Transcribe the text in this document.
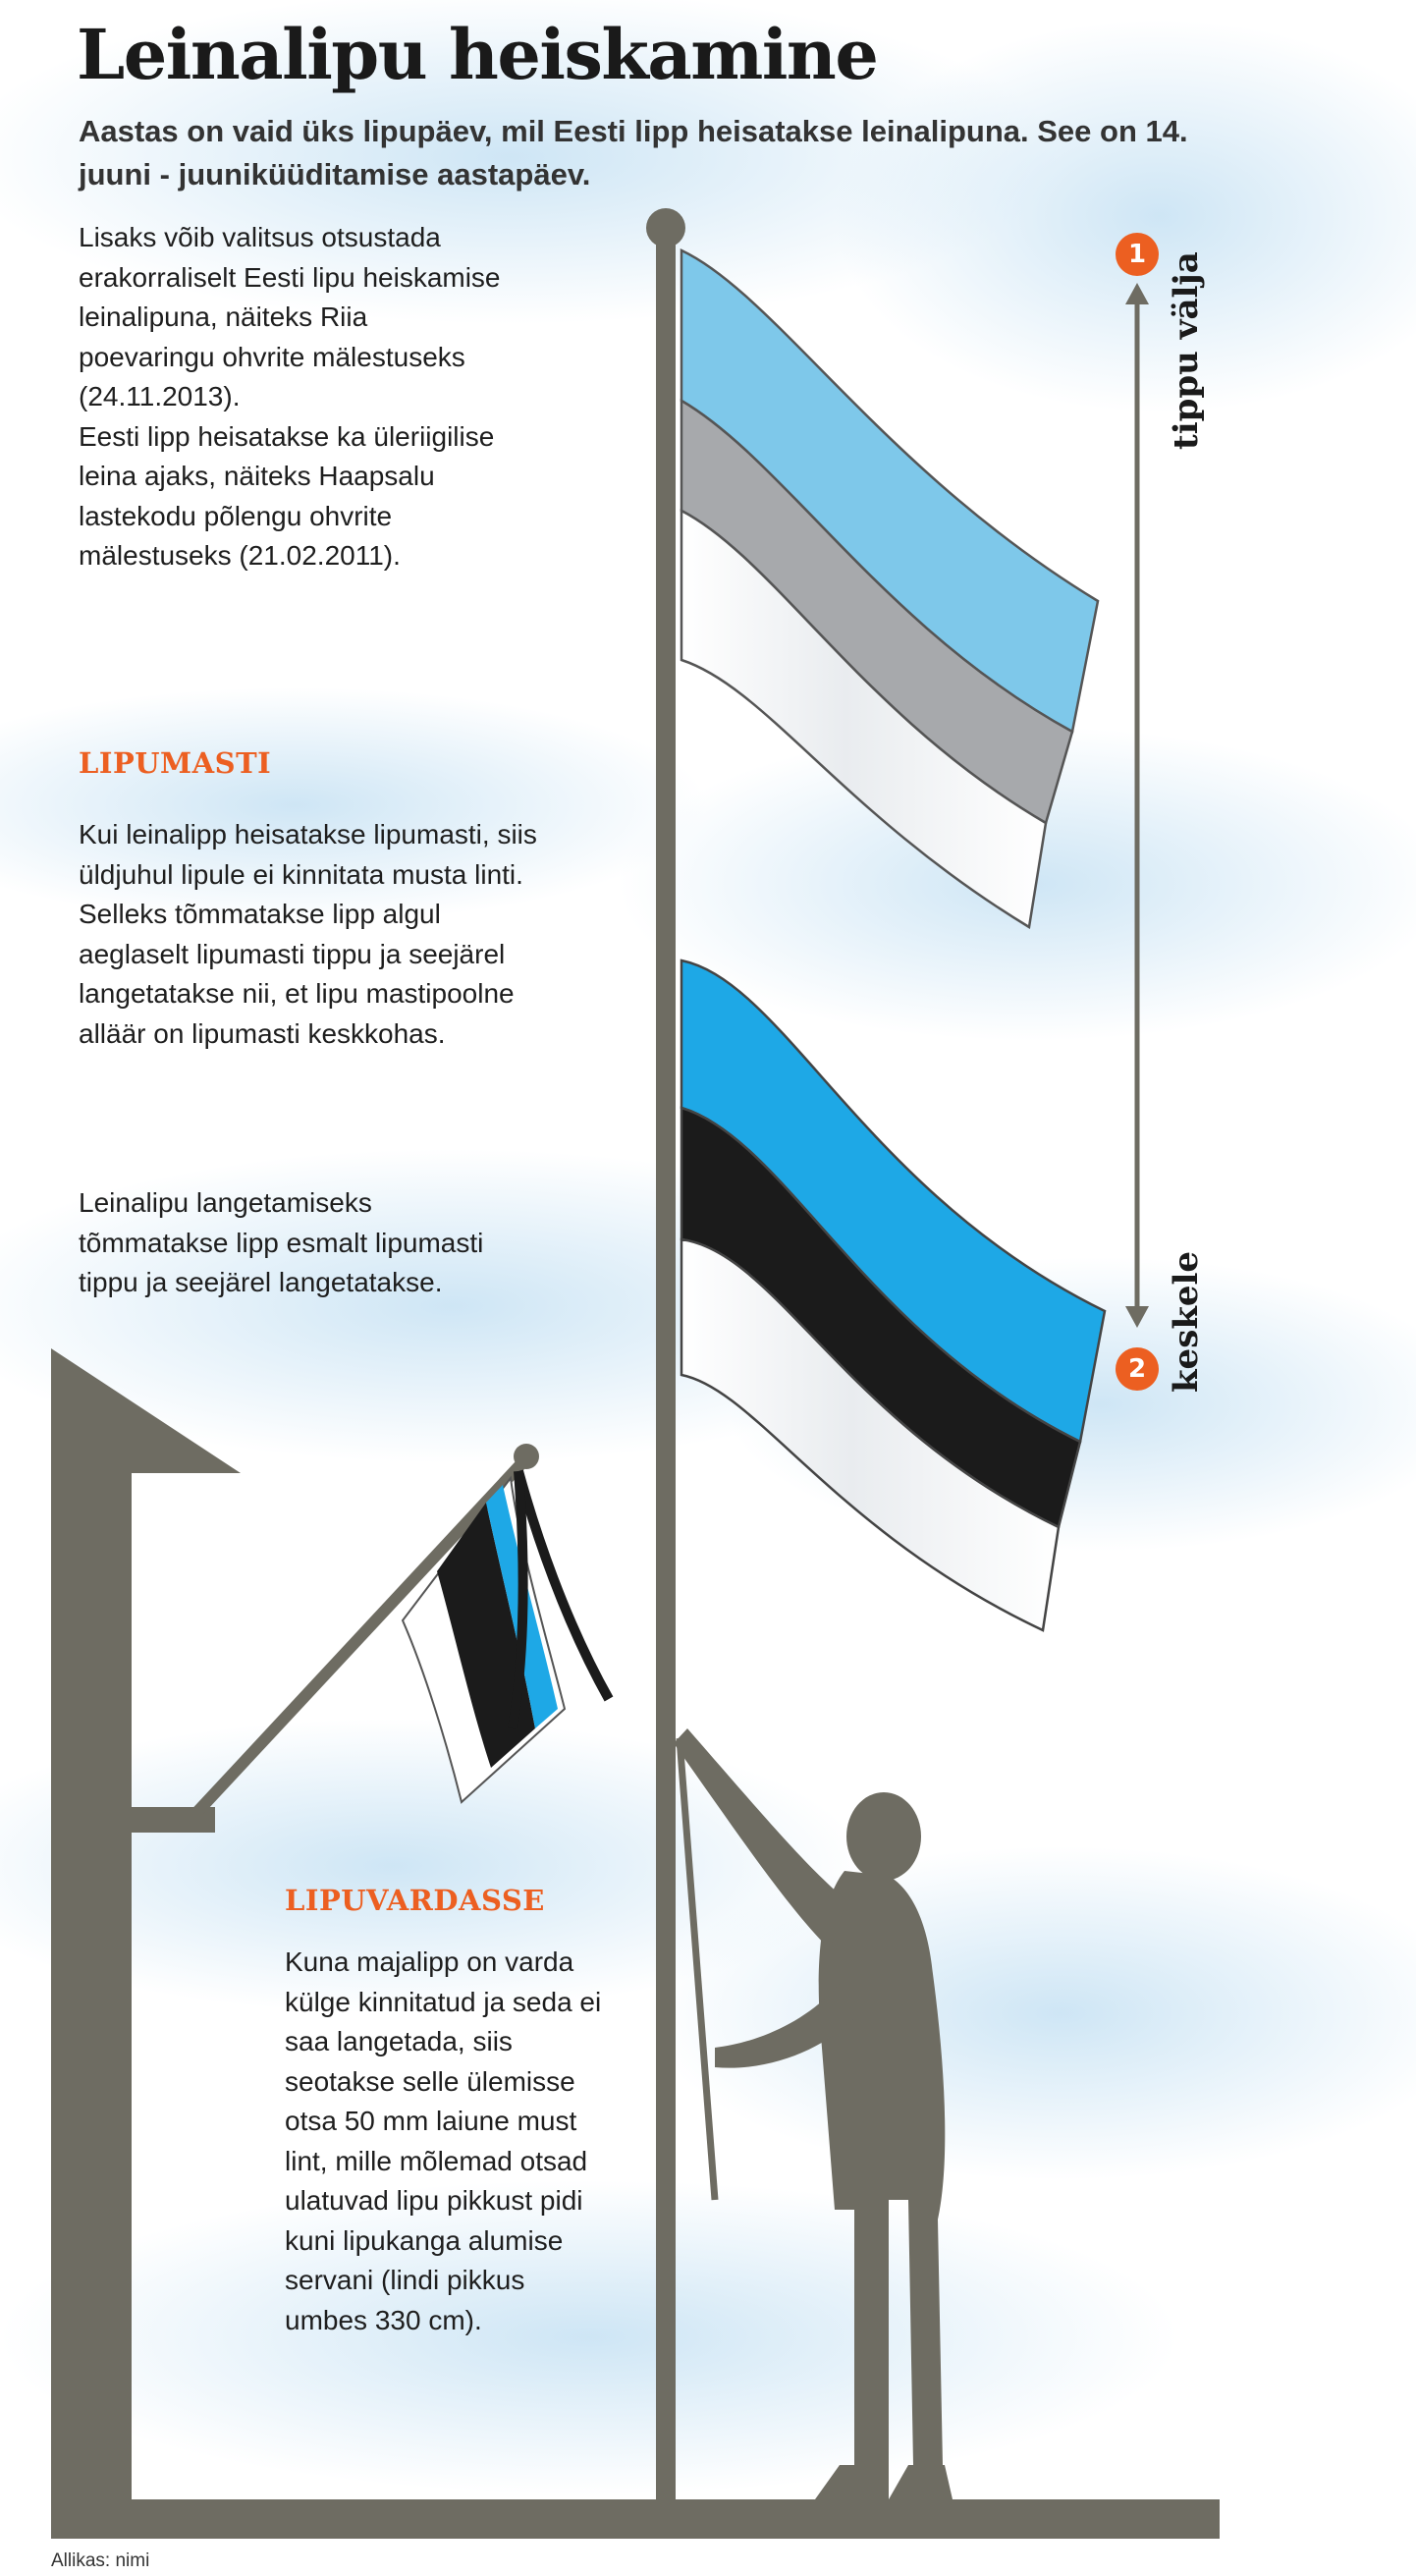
Leinalipu heiskamine

Aastas on vaid üks lipupäev, mil Eesti lipp heisatakse leinalipuna. See on 14. juuni - juuniküüditamise aastapäev.

Lisaks võib valitsus otsustada erakorraliselt Eesti lipu heiskamise leinalipuna, näiteks Riia poevaringu ohvrite mälestuseks (24.11.2013).
Eesti lipp heisatakse ka üleriigilise leina ajaks, näiteks Haapsalu lastekodu põlengu ohvrite mälestuseks (21.02.2011).

LIPUMASTI

Kui leinalipp heisatakse lipumasti, siis üldjuhul lipule ei kinnitata musta linti.
Selleks tõmmatakse lipp algul aeglaselt lipumasti tippu ja seejärel langetatakse nii, et lipu mastipoolne alläär on lipumasti keskkohas.

Leinalipu langetamiseks tõmmatakse lipp esmalt lipumasti tippu ja seejärel langetatakse.

LIPUVARDASSE

Kuna majalipp on varda külge kinnitatud ja seda ei saa langetada, siis seotakse selle ülemisse otsa 50 mm laiune must lint, mille mõlemad otsad ulatuvad lipu pikkust pidi kuni lipukanga alumise servani (lindi pikkus umbes 330 cm).

1 tippu välja
2 keskele
Allikas: nimi
